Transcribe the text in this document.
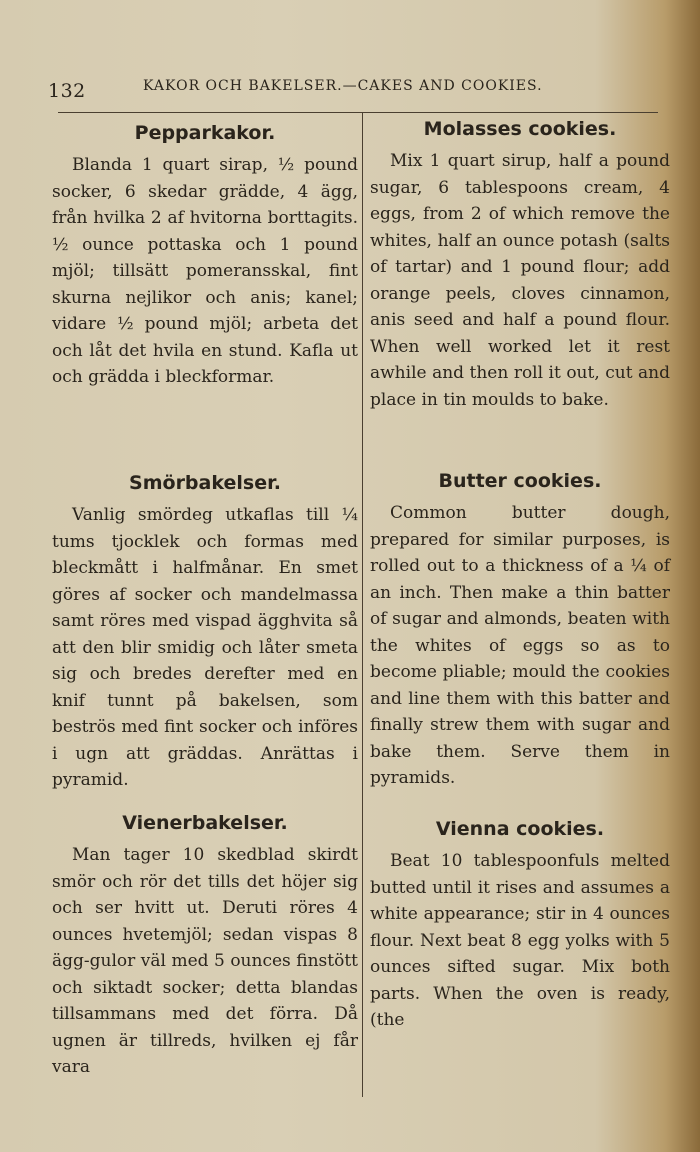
132	KAKOR OCH BAKELSER.—CAKES AND COOKIES.
Pepparkakor.

Blanda 1 quart sirap, ½ pound socker, 6 skedar grädde, 4 ägg, från hvilka 2 af hvitorna borttagits. ½ ounce pottaska och 1 pound mjöl; tillsätt pomeransskal, fint skurna nejlikor och anis; kanel; vidare ½ pound mjöl; arbeta det och låt det hvila en stund. Kafla ut och grädda i bleckformar.

Smörbakelser.

Vanlig smördeg utkaflas till ¼ tums tjocklek och formas med bleckmått i halfmånar. En smet göres af socker och mandelmassa samt röres med vispad ägghvita så att den blir smidig och låter smeta sig och bredes derefter med en knif tunnt på bakelsen, som beströs med fint socker och införes i ugn att gräddas. Anrättas i pyramid.

Vienerbakelser.

Man tager 10 skedblad skirdt smör och rör det tills det höjer sig och ser hvitt ut. Deruti röres 4 ounces hvetemjöl; sedan vispas 8 ägg-gulor väl med 5 ounces finstött och siktadt socker; detta blandas tillsammans med det förra. Då ugnen är tillreds, hvilken ej får vara

Molasses cookies.

Mix 1 quart sirup, half a pound sugar, 6 tablespoons cream, 4 eggs, from 2 of which remove the whites, half an ounce potash (salts of tartar) and 1 pound flour; add orange peels, cloves cinnamon, anis seed and half a pound flour. When well worked let it rest awhile and then roll it out, cut and place in tin moulds to bake.

Butter cookies.

Common butter dough, prepared for similar purposes, is rolled out to a thickness of a ¼ of an inch. Then make a thin batter of sugar and almonds, beaten with the whites of eggs so as to become pliable; mould the cookies and line them with this batter and finally strew them with sugar and bake them. Serve them in pyramids.

Vienna cookies.

Beat 10 tablespoonfuls melted butted until it rises and assumes a white appearance; stir in 4 ounces flour. Next beat 8 egg yolks with 5 ounces sifted sugar. Mix both parts. When the oven is ready, (the
